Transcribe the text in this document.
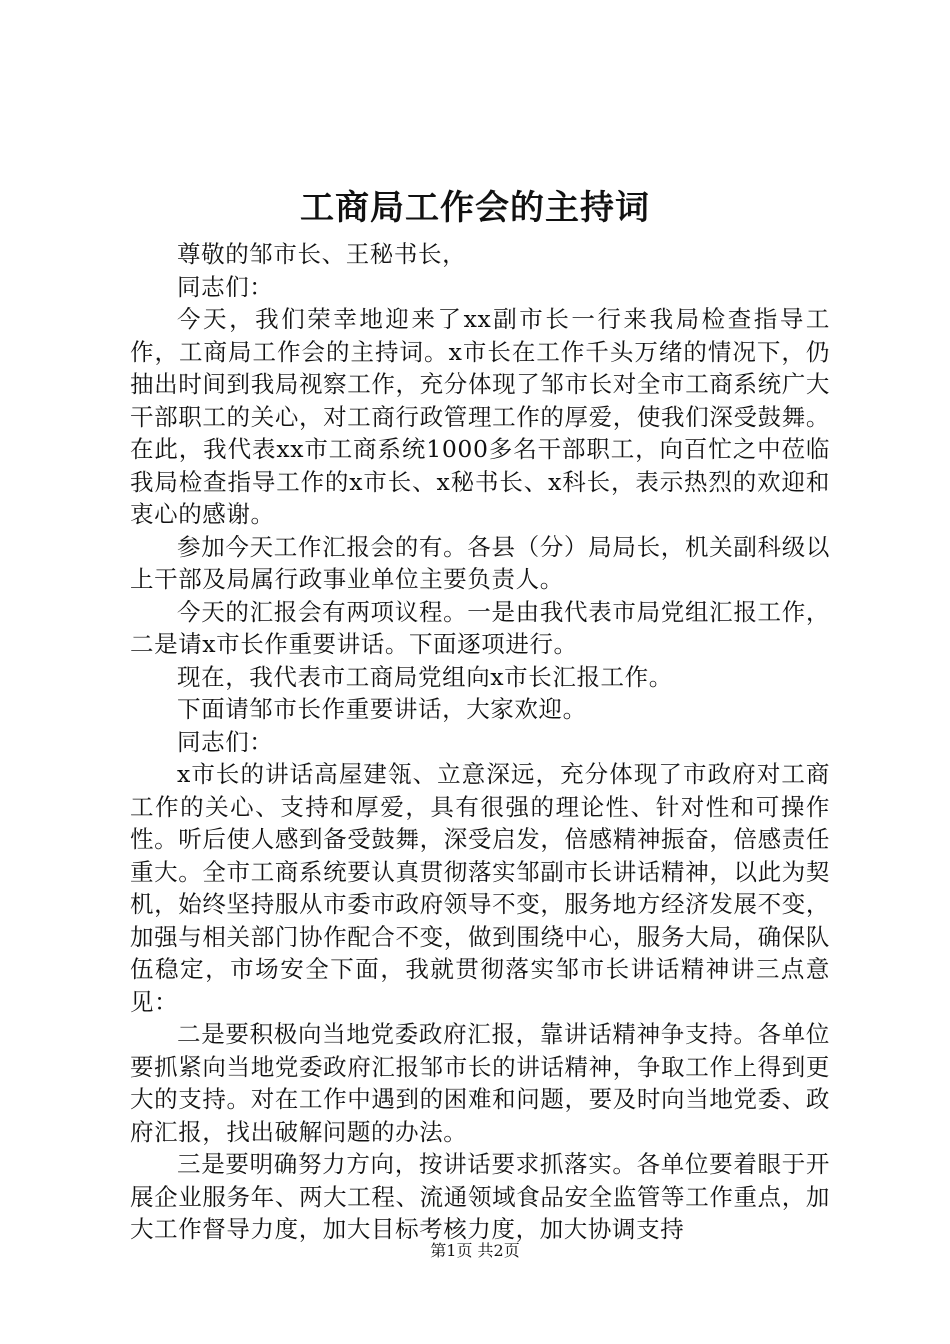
工商局工作会的主持词

尊敬的邹市长、王秘书长，

同志们：

今天，我们荣幸地迎来了xx副市长一行来我局检查指导工作，工商局工作会的主持词。x市长在工作千头万绪的情况下，仍抽出时间到我局视察工作，充分体现了邹市长对全市工商系统广大干部职工的关心，对工商行政管理工作的厚爱，使我们深受鼓舞。在此，我代表xx市工商系统1000多名干部职工，向百忙之中莅临我局检查指导工作的x市长、x秘书长、x科长，表示热烈的欢迎和衷心的感谢。

参加今天工作汇报会的有。各县（分）局局长，机关副科级以上干部及局属行政事业单位主要负责人。

今天的汇报会有两项议程。一是由我代表市局党组汇报工作，二是请x市长作重要讲话。下面逐项进行。

现在，我代表市工商局党组向x市长汇报工作。

下面请邹市长作重要讲话，大家欢迎。

同志们：

x市长的讲话高屋建瓴、立意深远，充分体现了市政府对工商工作的关心、支持和厚爱，具有很强的理论性、针对性和可操作性。听后使人感到备受鼓舞，深受启发，倍感精神振奋，倍感责任重大。全市工商系统要认真贯彻落实邹副市长讲话精神，以此为契机，始终坚持服从市委市政府领导不变，服务地方经济发展不变，加强与相关部门协作配合不变，做到围绕中心，服务大局，确保队伍稳定，市场安全下面，我就贯彻落实邹市长讲话精神讲三点意见：

二是要积极向当地党委政府汇报，靠讲话精神争支持。各单位要抓紧向当地党委政府汇报邹市长的讲话精神，争取工作上得到更大的支持。对在工作中遇到的困难和问题，要及时向当地党委、政府汇报，找出破解问题的办法。

三是要明确努力方向，按讲话要求抓落实。各单位要着眼于开展企业服务年、两大工程、流通领域食品安全监管等工作重点，加大工作督导力度，加大目标考核力度，加大协调支持

第1页 共2页
